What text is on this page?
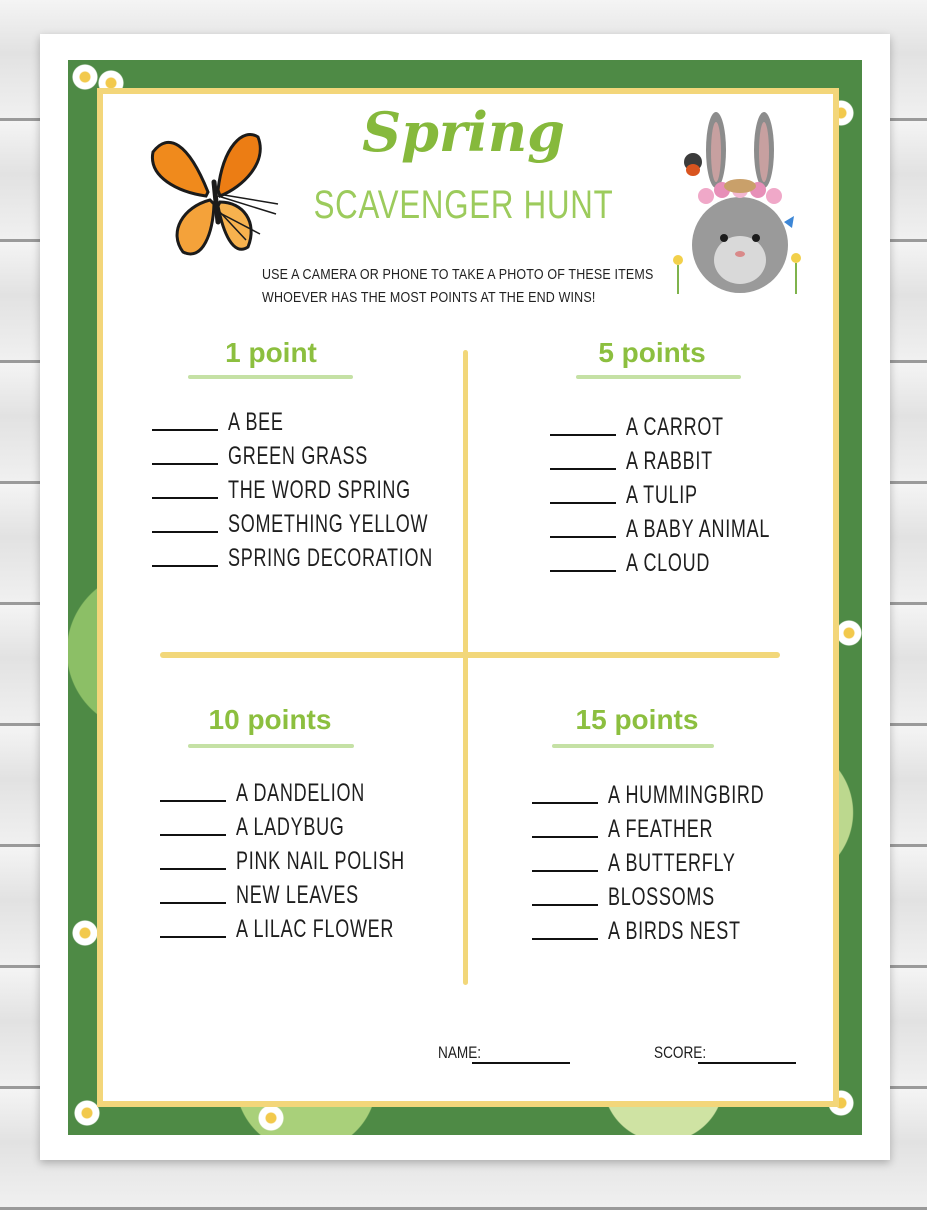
Spring
SCAVENGER HUNT
USE A CAMERA OR PHONE TO TAKE A PHOTO OF THESE ITEMS
WHOEVER HAS THE MOST POINTS AT THE END WINS!
1 point	5 points
10 points	15 points
A BEE
GREEN GRASS
THE WORD SPRING
SOMETHING YELLOW
SPRING DECORATION
A CARROT
A RABBIT
A TULIP
A BABY ANIMAL
A CLOUD
A DANDELION
A LADYBUG
PINK NAIL POLISH
NEW LEAVES
A LILAC FLOWER
A HUMMINGBIRD
A FEATHER
A BUTTERFLY
BLOSSOMS
A BIRDS NEST
NAME:	SCORE:
